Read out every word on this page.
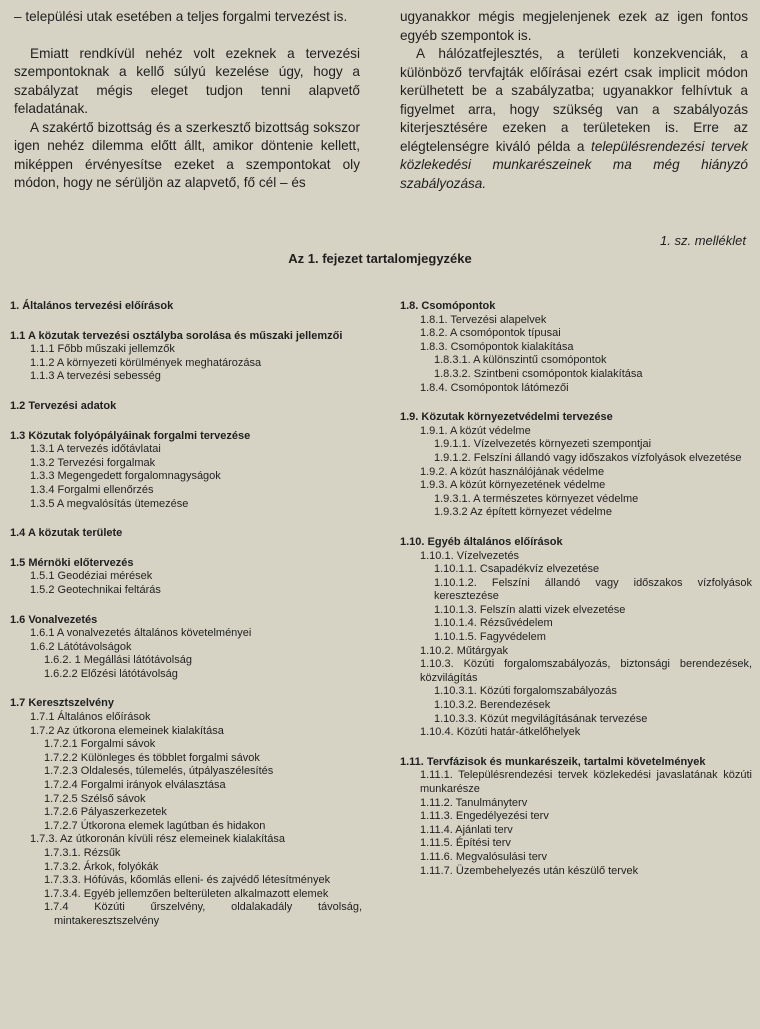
– települési utak esetében a teljes forgalmi tervezést is.

Emiatt rendkívül nehéz volt ezeknek a tervezési szempontoknak a kellő súlyú kezelése úgy, hogy a szabályzat mégis eleget tudjon tenni alapvető feladatának.

A szakértő bizottság és a szerkesztő bizottság sokszor igen nehéz dilemma előtt állt, amikor döntenie kellett, miképpen érvényesítse ezeket a szempontokat oly módon, hogy ne sérüljön az alapvető, fő cél – és

ugyanakkor mégis megjelenjenek ezek az igen fontos egyéb szempontok is.

A hálózatfejlesztés, a területi konzekvenciák, a különböző tervfajták előírásai ezért csak implicit módon kerülhetett be a szabályzatba; ugyanakkor felhívtuk a figyelmet arra, hogy szükség van a szabályozás kiterjesztésére ezeken a területeken is. Erre az elégtelenségre kiváló példa a településrendezési tervek közlekedési munkarészeinek ma még hiányzó szabályozása.

1. sz. melléklet
Az 1. fejezet tartalomjegyzéke
1. Általános tervezési előírások
1.1 A közutak tervezési osztályba sorolása és műszaki jellemzői
1.1.1 Főbb műszaki jellemzők
1.1.2 A környezeti körülmények meghatározása
1.1.3 A tervezési sebesség
1.2 Tervezési adatok
1.3 Közutak folyópályáinak forgalmi tervezése
1.3.1 A tervezés időtávlatai
1.3.2 Tervezési forgalmak
1.3.3 Megengedett forgalomnagyságok
1.3.4 Forgalmi ellenőrzés
1.3.5 A megvalósítás ütemezése
1.4 A közutak területe
1.5 Mérnöki előtervezés
1.5.1 Geodéziai mérések
1.5.2 Geotechnikai feltárás
1.6 Vonalvezetés
1.6.1 A vonalvezetés általános követelményei
1.6.2 Látótávolságok
1.6.2. 1 Megállási látótávolság
1.6.2.2 Előzési látótávolság
1.7 Keresztszelvény
1.7.1 Általános előírások
1.7.2 Az útkorona elemeinek kialakítása
1.7.2.1 Forgalmi sávok
1.7.2.2 Különleges és többlet forgalmi sávok
1.7.2.3 Oldalesés, túlemelés, útpályaszélesítés
1.7.2.4 Forgalmi irányok elválasztása
1.7.2.5 Szélső sávok
1.7.2.6 Pályaszerkezetek
1.7.2.7 Útkorona elemek lagútban és hidakon
1.7.3. Az útkoronán kívüli rész elemeinek kialakítása
1.7.3.1. Rézsűk
1.7.3.2. Árkok, folyókák
1.7.3.3. Hófúvás, kőomlás elleni- és zajvédő létesítmények
1.7.3.4. Egyéb jellemzően belterületen alkalmazott elemek
1.7.4 Közúti űrszelvény, oldalakadály távolság, mintakeresztszelvény
1.8. Csomópontok
1.8.1. Tervezési alapelvek
1.8.2. A csomópontok típusai
1.8.3. Csomópontok kialakítása
1.8.3.1. A különszintű csomópontok
1.8.3.2. Szintbeni csomópontok kialakítása
1.8.4. Csomópontok látómezői
1.9. Közutak környezetvédelmi tervezése
1.9.1. A közút védelme
1.9.1.1. Vízelvezetés környezeti szempontjai
1.9.1.2. Felszíni állandó vagy időszakos vízfolyások elvezetése
1.9.2. A közút használójának védelme
1.9.3. A közút környezetének védelme
1.9.3.1. A természetes környezet védelme
1.9.3.2 Az épített környezet védelme
1.10. Egyéb általános előírások
1.10.1. Vízelvezetés
1.10.1.1. Csapadékvíz elvezetése
1.10.1.2. Felszíni állandó vagy időszakos vízfolyások keresztezése
1.10.1.3. Felszín alatti vizek elvezetése
1.10.1.4. Rézsűvédelem
1.10.1.5. Fagyvédelem
1.10.2. Műtárgyak
1.10.3. Közúti forgalomszabályozás, biztonsági berendezések, közvilágítás
1.10.3.1. Közúti forgalomszabályozás
1.10.3.2. Berendezések
1.10.3.3. Közút megvilágításának tervezése
1.10.4. Közúti határ-átkelőhelyek
1.11. Tervfázisok és munkarészeik, tartalmi követelmények
1.11.1. Településrendezési tervek közlekedési javaslatának közúti munkarésze
1.11.2. Tanulmányterv
1.11.3. Engedélyezési terv
1.11.4. Ajánlati terv
1.11.5. Építési terv
1.11.6. Megvalósulási terv
1.11.7. Üzembehelyezés után készülő tervek
